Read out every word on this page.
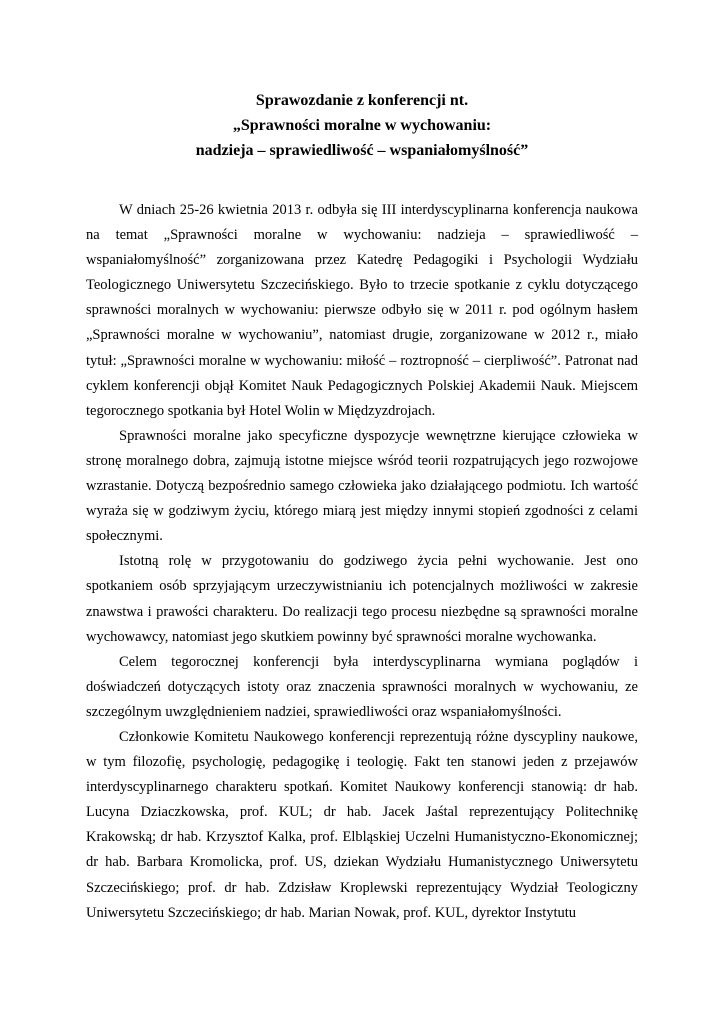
Sprawozdanie z konferencji nt.
„Sprawności moralne w wychowaniu:
nadzieja – sprawiedliwość – wspaniałomyślność”

W dniach 25-26 kwietnia 2013 r. odbyła się III interdyscyplinarna konferencja naukowa na temat „Sprawności moralne w wychowaniu: nadzieja – sprawiedliwość – wspaniałomyślność” zorganizowana przez Katedrę Pedagogiki i Psychologii Wydziału Teologicznego Uniwersytetu Szczecińskiego. Było to trzecie spotkanie z cyklu dotyczącego sprawności moralnych w wychowaniu: pierwsze odbyło się w 2011 r. pod ogólnym hasłem „Sprawności moralne w wychowaniu”, natomiast drugie, zorganizowane w 2012 r., miało tytuł: „Sprawności moralne w wychowaniu: miłość – roztropność – cierpliwość”. Patronat nad cyklem konferencji objął Komitet Nauk Pedagogicznych Polskiej Akademii Nauk. Miejscem tegorocznego spotkania był Hotel Wolin w Międzyzdrojach.

Sprawności moralne jako specyficzne dyspozycje wewnętrzne kierujące człowieka w stronę moralnego dobra, zajmują istotne miejsce wśród teorii rozpatrujących jego rozwojowe wzrastanie. Dotyczą bezpośrednio samego człowieka jako działającego podmiotu. Ich wartość wyraża się w godziwym życiu, którego miarą jest między innymi stopień zgodności z celami społecznymi.

Istotną rolę w przygotowaniu do godziwego życia pełni wychowanie. Jest ono spotkaniem osób sprzyjającym urzeczywistnianiu ich potencjalnych możliwości w zakresie znawstwa i prawości charakteru. Do realizacji tego procesu niezbędne są sprawności moralne wychowawcy, natomiast jego skutkiem powinny być sprawności moralne wychowanka.

Celem tegorocznej konferencji była interdyscyplinarna wymiana poglądów i doświadczeń dotyczących istoty oraz znaczenia sprawności moralnych w wychowaniu, ze szczególnym uwzględnieniem nadziei, sprawiedliwości oraz wspaniałomyślności.

Członkowie Komitetu Naukowego konferencji reprezentują różne dyscypliny naukowe, w tym filozofię, psychologię, pedagogikę i teologię. Fakt ten stanowi jeden z przejawów interdyscyplinarnego charakteru spotkań. Komitet Naukowy konferencji stanowią: dr hab. Lucyna Dziaczkowska, prof. KUL; dr hab. Jacek Jaśtal reprezentujący Politechnikę Krakowską; dr hab. Krzysztof Kalka, prof. Elbląskiej Uczelni Humanistyczno-Ekonomicznej; dr hab. Barbara Kromolicka, prof. US, dziekan Wydziału Humanistycznego Uniwersytetu Szczecińskiego; prof. dr hab. Zdzisław Kroplewski reprezentujący Wydział Teologiczny Uniwersytetu Szczecińskiego; dr hab. Marian Nowak, prof. KUL, dyrektor Instytutu
